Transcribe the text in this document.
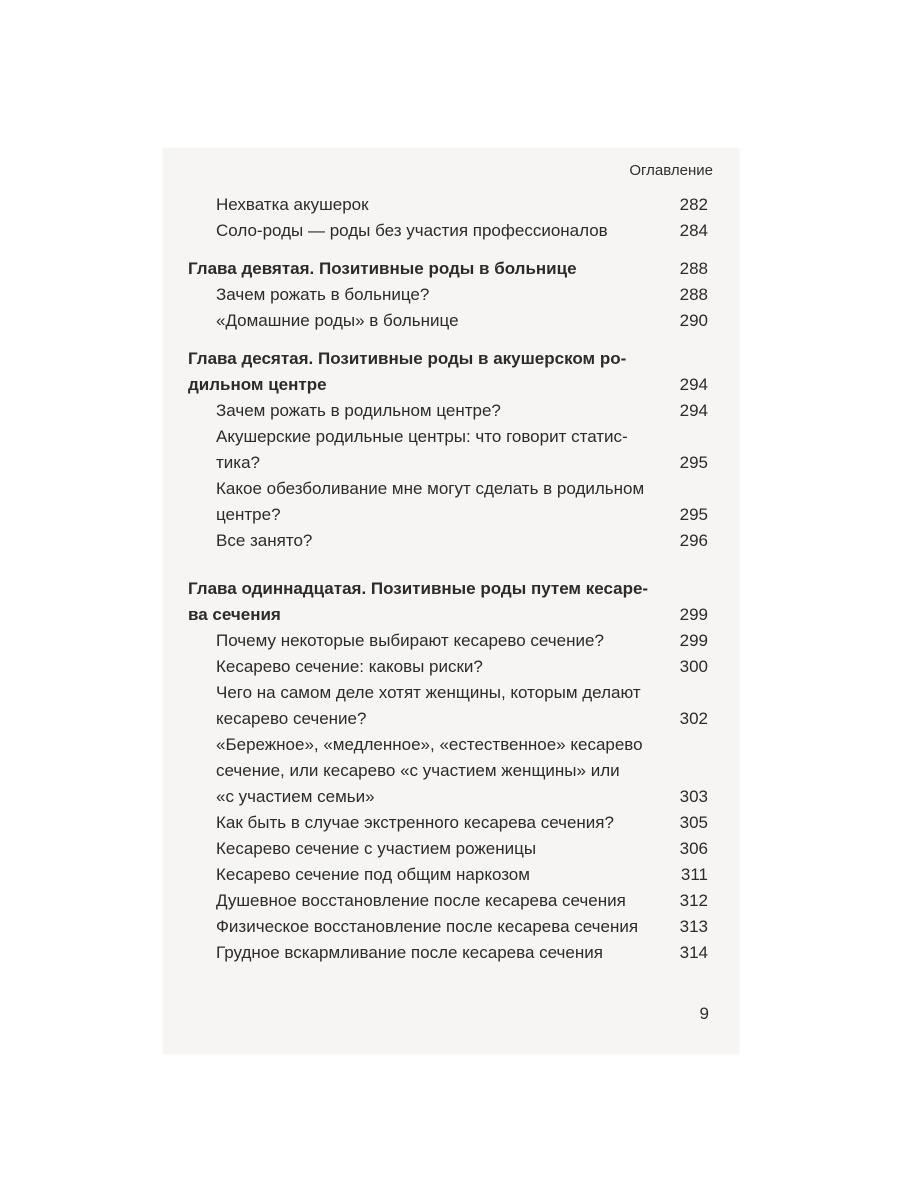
Оглавление
Нехватка акушерок	282
Соло-роды — роды без участия профессионалов	284
Глава девятая. Позитивные роды в больнице	288
Зачем рожать в больнице?	288
«Домашние роды» в больнице	290
Глава десятая. Позитивные роды в акушерском ро-
дильном центре	294
Зачем рожать в родильном центре?	294
Акушерские родильные центры: что говорит статис-
тика?	295
Какое обезболивание мне могут сделать в родильном
центре?	295
Все занято?	296
Глава одиннадцатая. Позитивные роды путем кесаре-
ва сечения	299
Почему некоторые выбирают кесарево сечение?	299
Кесарево сечение: каковы риски?	300
Чего на самом деле хотят женщины, которым делают
кесарево сечение?	302
«Бережное», «медленное», «естественное» кесарево
сечение, или кесарево «с участием женщины» или
«с участием семьи»	303
Как быть в случае экстренного кесарева сечения?	305
Кесарево сечение с участием роженицы	306
Кесарево сечение под общим наркозом	311
Душевное восстановление после кесарева сечения	312
Физическое восстановление после кесарева сечения 313
Грудное вскармливание после кесарева сечения	314
9
